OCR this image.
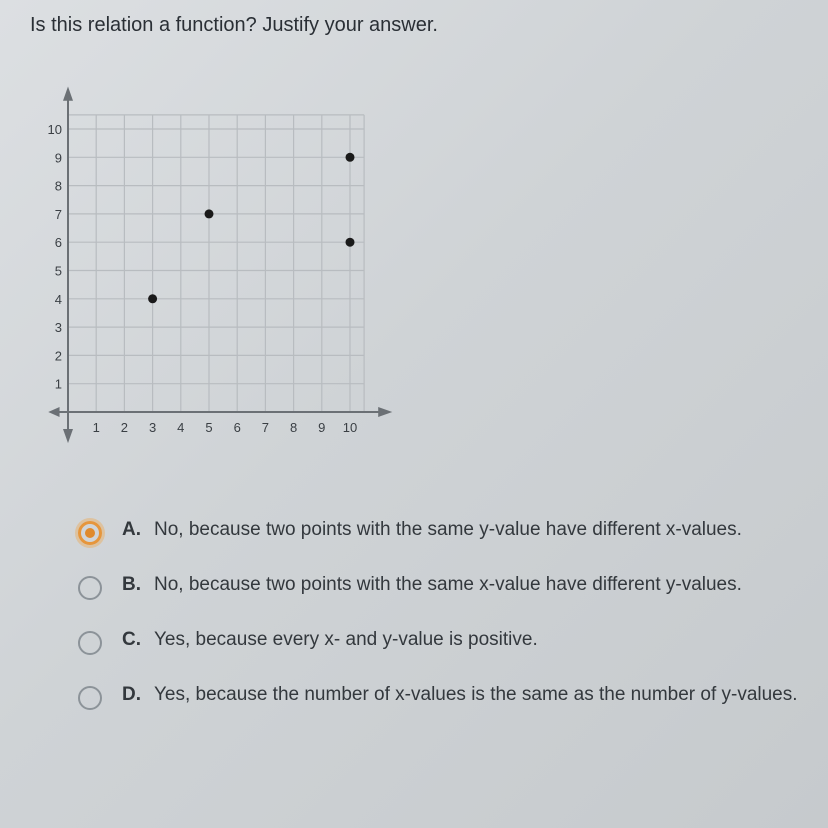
Is this relation a function? Justify your answer.
1 2 3 4 5 6 7 8 9 10
1
2
3
4
5
6
7
8
9
10
A. No, because two points with the same y-value have different x-values.
B. No, because two points with the same x-value have different y-values.
C. Yes, because every x- and y-value is positive.
D. Yes, because the number of x-values is the same as the number of y-values.
